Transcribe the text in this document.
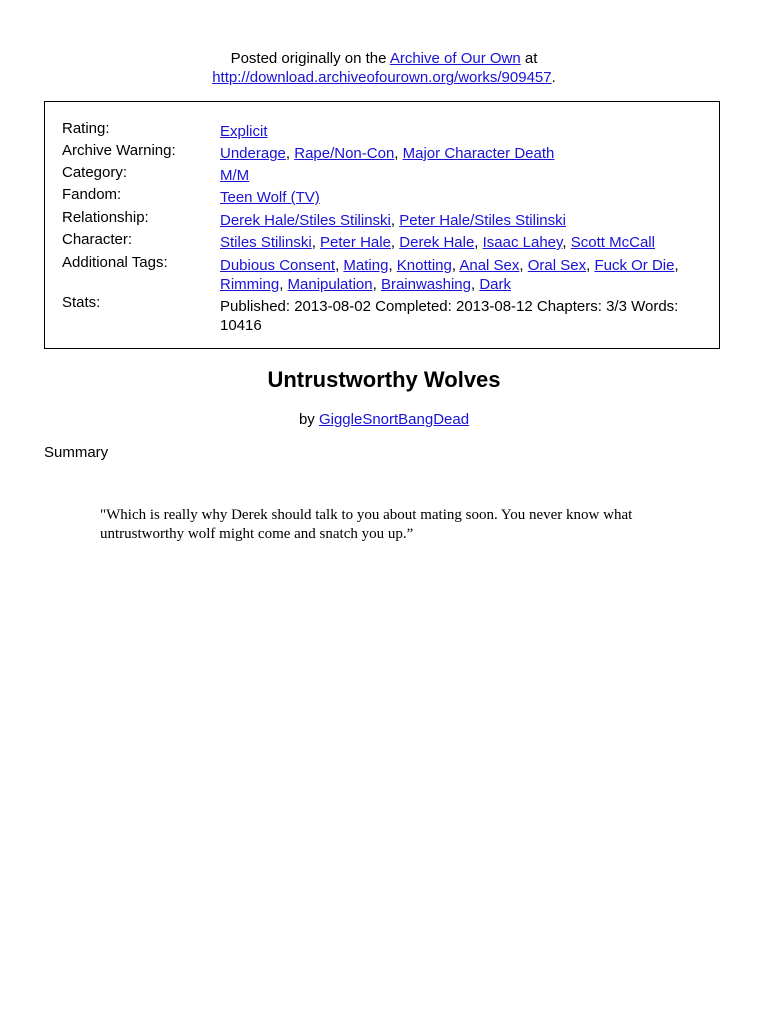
Posted originally on the Archive of Our Own at
http://download.archiveofourown.org/works/909457.
Rating:	Explicit
Archive Warning:	Underage, Rape/Non-Con, Major Character Death
Category:	M/M
Fandom:	Teen Wolf (TV)
Relationship:	Derek Hale/Stiles Stilinski, Peter Hale/Stiles Stilinski
Character:	Stiles Stilinski, Peter Hale, Derek Hale, Isaac Lahey, Scott McCall
Additional Tags:	Dubious Consent, Mating, Knotting, Anal Sex, Oral Sex, Fuck Or Die, Rimming, Manipulation, Brainwashing, Dark
Stats:	Published: 2013-08-02 Completed: 2013-08-12 Chapters: 3/3 Words:
10416
Untrustworthy Wolves
by GiggleSnortBangDead
Summary
"Which is really why Derek should talk to you about mating soon. You never know what untrustworthy wolf might come and snatch you up.”
